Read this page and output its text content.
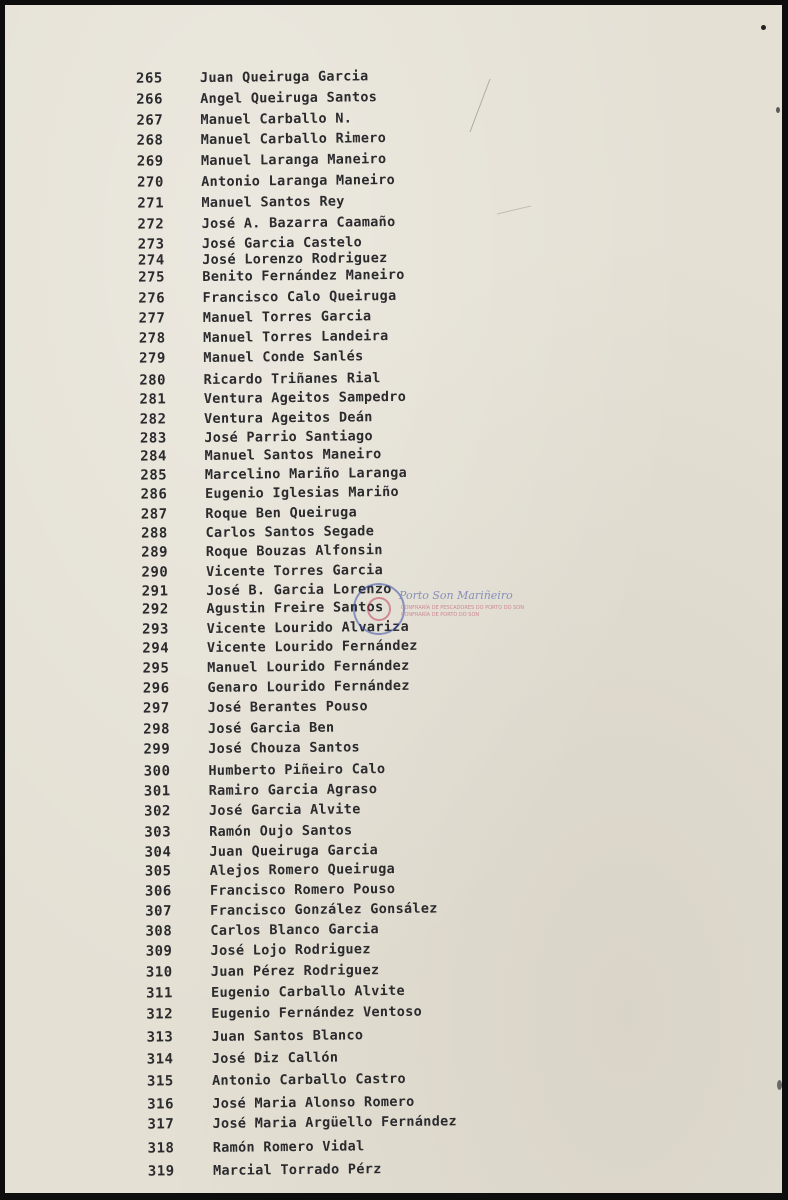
265	Juan Queiruga Garcia
266	Angel Queiruga Santos
267	Manuel Carballo N.
268	Manuel Carballo Rimero
269	Manuel Laranga Maneiro
270	Antonio Laranga Maneiro
271	Manuel Santos Rey
272	José A. Bazarra Caamaño
273	José Garcia Castelo
274	José Lorenzo Rodriguez
275	Benito Fernández Maneiro
276	Francisco Calo Queiruga
277	Manuel Torres Garcia
278	Manuel Torres Landeira
279	Manuel Conde Sanlés
280	Ricardo Triñanes Rial
281	Ventura Ageitos Sampedro
282	Ventura Ageitos Deán
283	José Parrio Santiago
284	Manuel Santos Maneiro
285	Marcelino Mariño Laranga
286	Eugenio Iglesias Mariño
287	Roque Ben Queiruga
288	Carlos Santos Segade
289	Roque Bouzas Alfonsin
290	Vicente Torres Garcia
291	José B. Garcia Lorenzo
292	Agustin Freire Santos
293	Vicente Lourido Alvariza
294	Vicente Lourido Fernández
295	Manuel Lourido Fernández
296	Genaro Lourido Fernández
297	José Berantes Pouso
298	José Garcia Ben
299	José Chouza Santos
300	Humberto Piñeiro Calo
301	Ramiro Garcia Agraso
302	José Garcia Alvite
303	Ramón Oujo Santos
304	Juan Queiruga Garcia
305	Alejos Romero Queiruga
306	Francisco Romero Pouso
307	Francisco González Gonsález
308	Carlos Blanco Garcia
309	José Lojo Rodriguez
310	Juan Pérez Rodriguez
311	Eugenio Carballo Alvite
312	Eugenio Fernández Ventoso
313	Juan Santos Blanco
314	José Diz Callón
315	Antonio Carballo Castro
316	José Maria Alonso Romero
317	José Maria Argüello Fernández
318	Ramón Romero Vidal
319	Marcial Torrado Pérz
Porto Son Mariñeiro
CONFRARÍA DE PESCADORES DO PORTO DO SON
CONFRARÍA DE PORTO DO SON
